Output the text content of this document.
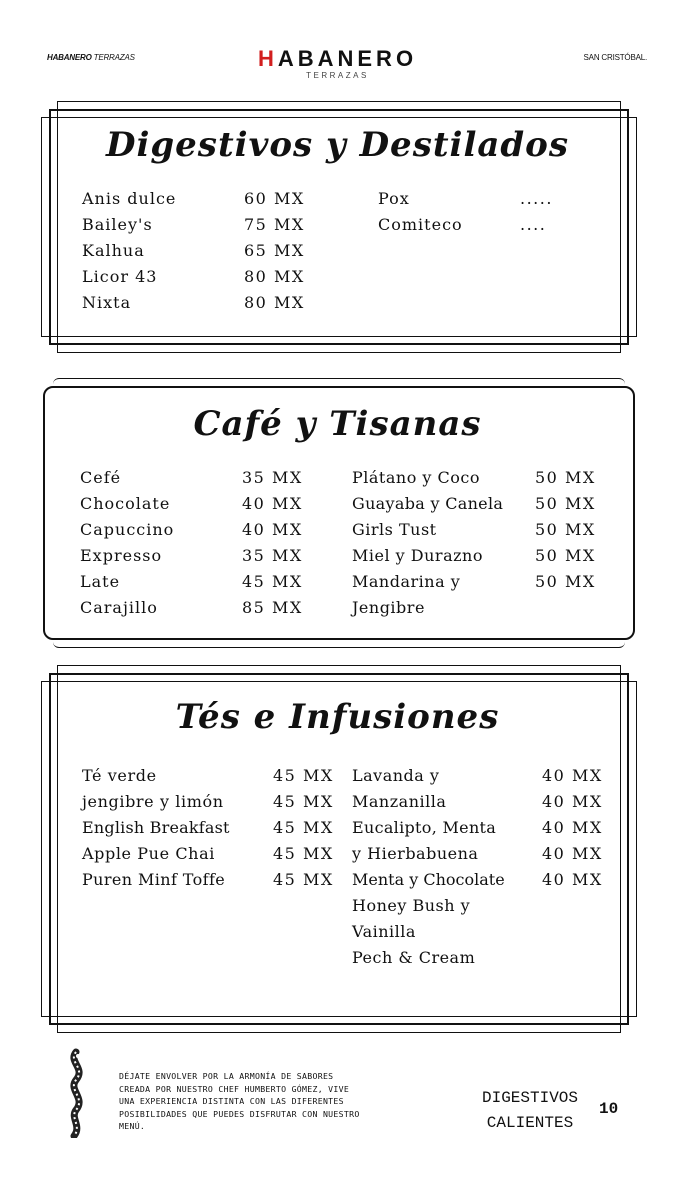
HABANERO TERRAZAS	HABANERO
TERRAZAS
SAN CRISTÓBAL.
Digestivos y Destilados
Anis dulce
Bailey's
Kalhua
Licor 43
Nixta
60 MX
75 MX
65 MX
80 MX
80 MX
Pox
Comiteco
.....
....
Café y Tisanas
Cefé
Chocolate
Capuccino
Expresso
Late
Carajillo
35 MX
40 MX
40 MX
35 MX
45 MX
85 MX
Plátano y Coco
Guayaba y Canela
Girls Tust
Miel y Durazno
Mandarina y
Jengibre
50 MX
50 MX
50 MX
50 MX
50 MX
Tés e Infusiones
Té verde
jengibre y limón
English Breakfast
Apple Pue Chai
Puren Minf Toffe
45 MX
45 MX
45 MX
45 MX
45 MX
Lavanda y
Manzanilla
Eucalipto, Menta
y Hierbabuena
Menta y Chocolate
Honey Bush y
Vainilla
Pech & Cream
40 MX
40 MX
40 MX
40 MX
40 MX
DÉJATE ENVOLVER POR LA ARMONÍA DE SABORES
CREADA POR NUESTRO CHEF HUMBERTO GÓMEZ, VIVE
UNA EXPERIENCIA DISTINTA CON LAS DIFERENTES
POSIBILIDADES QUE PUEDES DISFRUTAR CON NUESTRO
MENÚ.
DIGESTIVOS
CALIENTES
10
